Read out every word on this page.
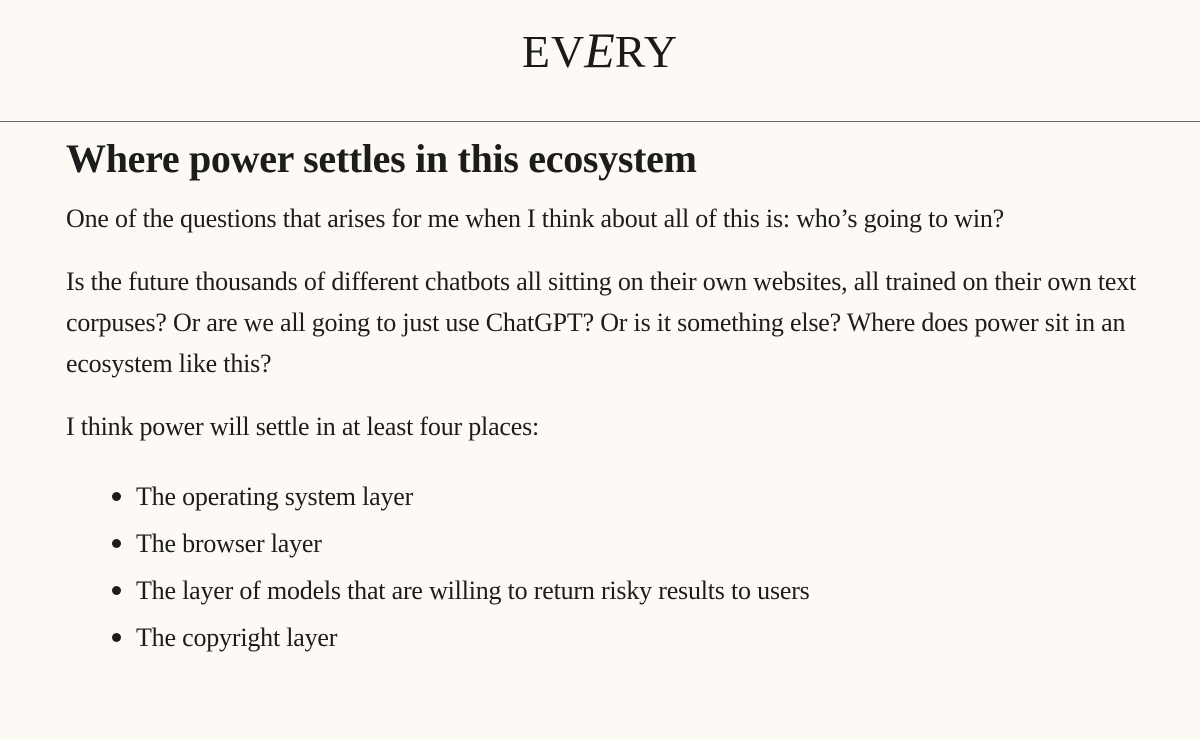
EVERY
Where power settles in this ecosystem

One of the questions that arises for me when I think about all of this is: who’s going to win?

Is the future thousands of different chatbots all sitting on their own websites, all trained on their own text corpuses? Or are we all going to just use ChatGPT? Or is it something else? Where does power sit in an ecosystem like this?

I think power will settle in at least four places:

The operating system layer
The browser layer
The layer of models that are willing to return risky results to users
The copyright layer
